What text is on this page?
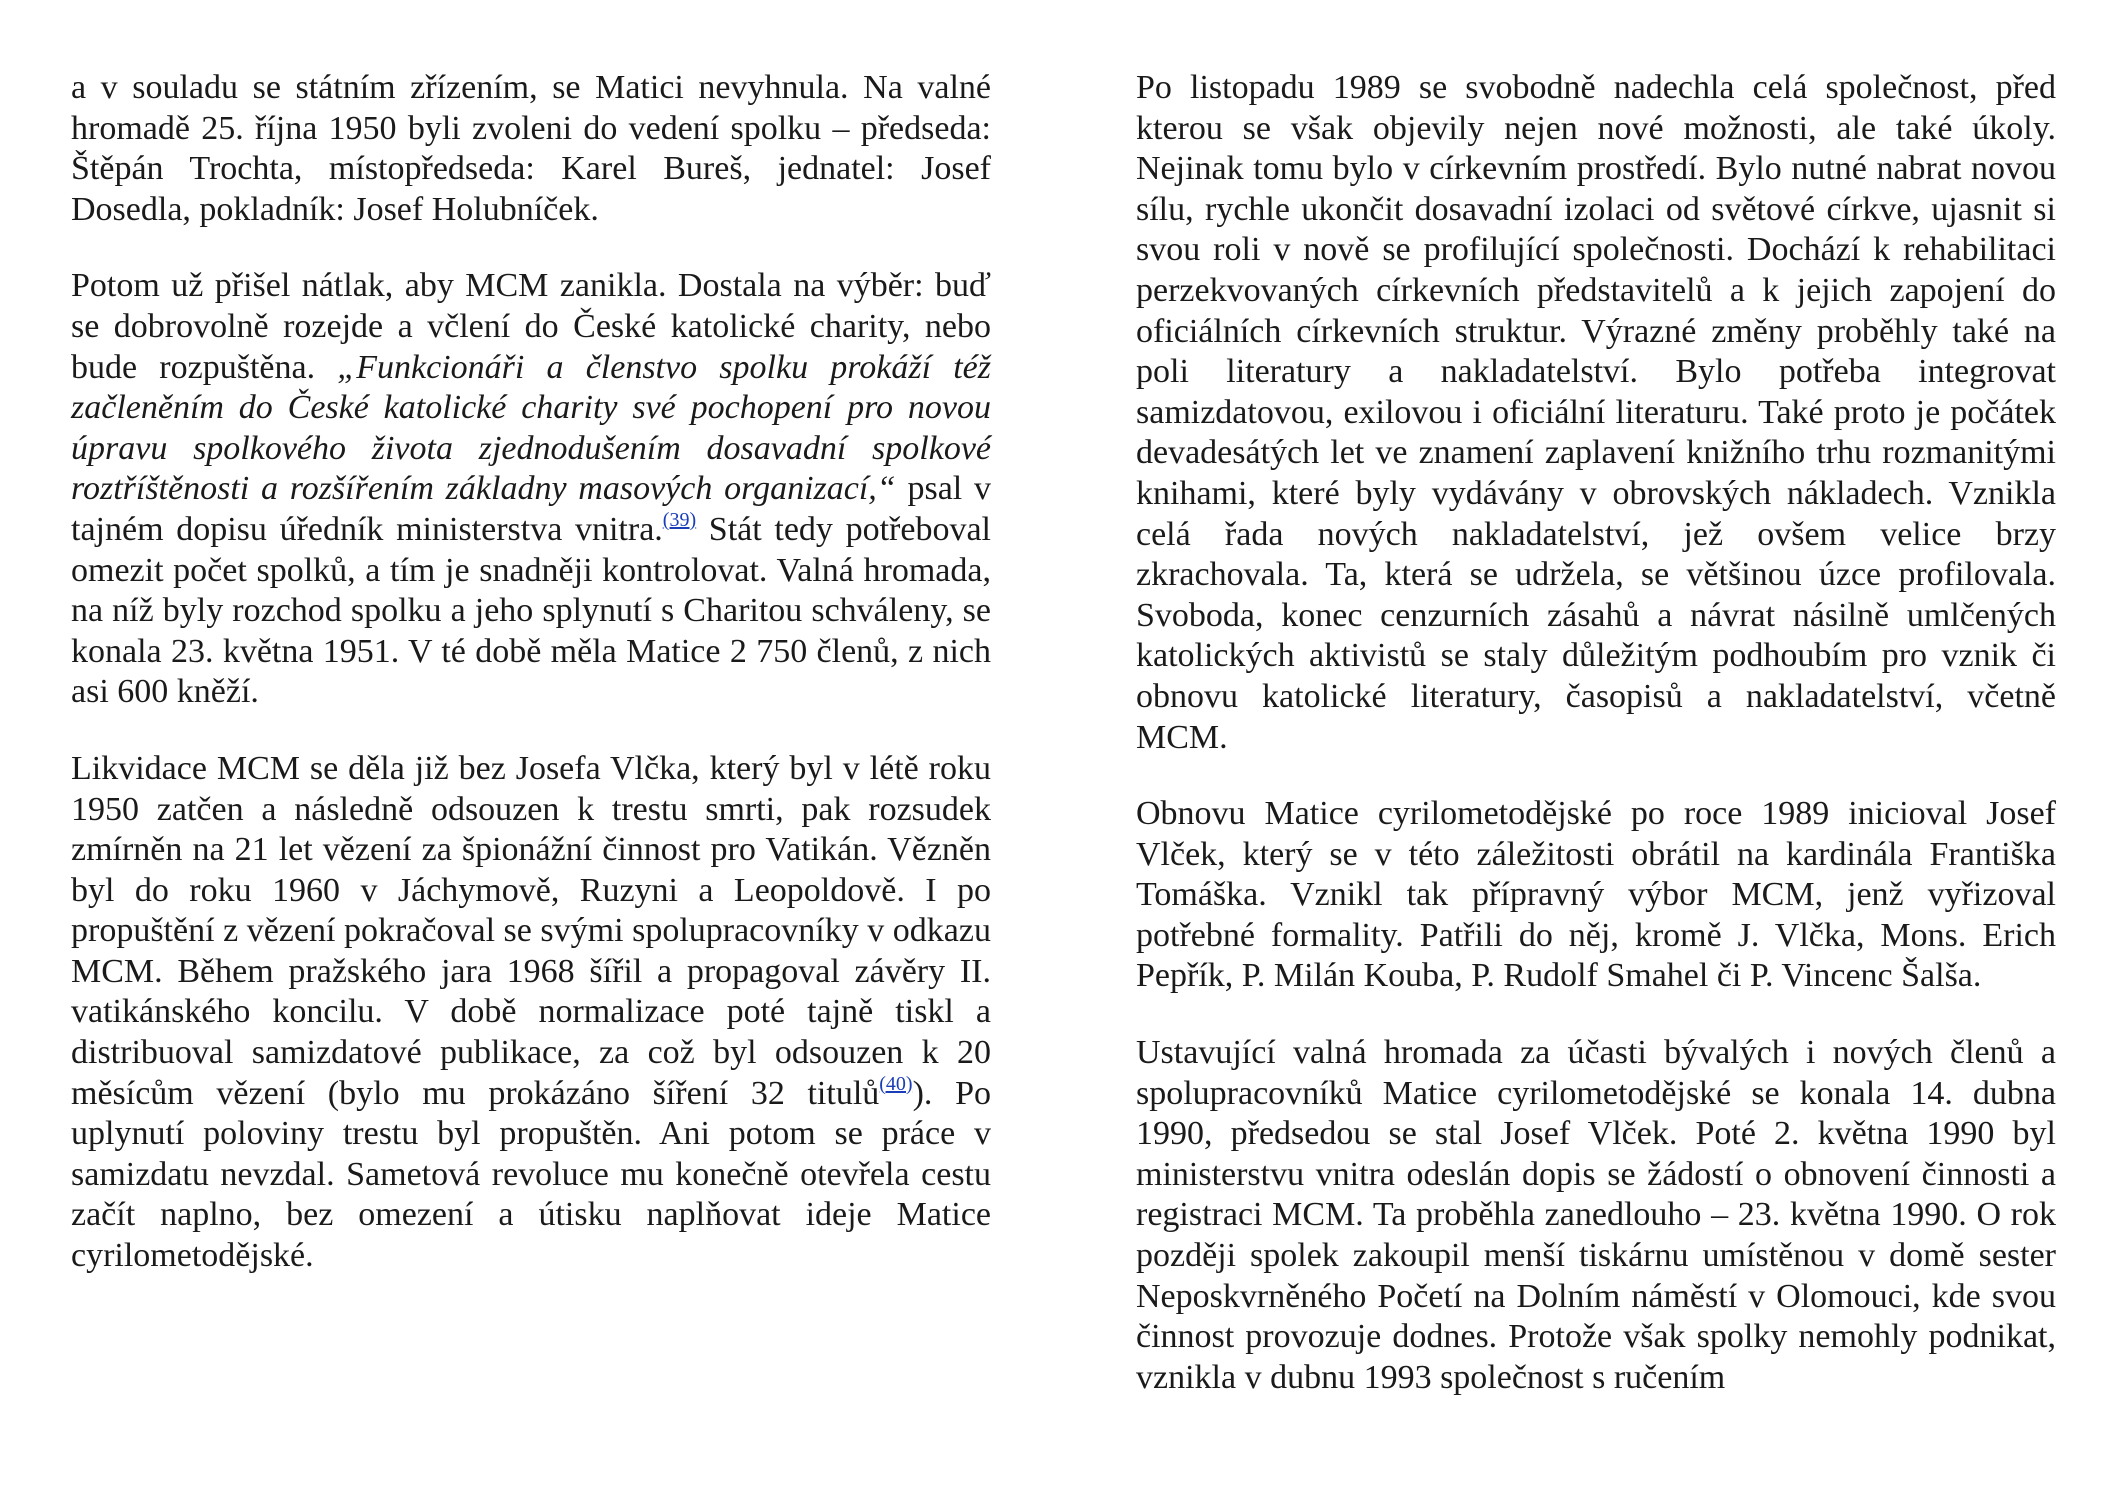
a v souladu se státním zřízením, se Matici nevyhnula. Na valné hromadě 25. října 1950 byli zvoleni do vedení spolku – předseda: Štěpán Trochta, místopředseda: Karel Bureš, jednatel: Josef Dosedla, pokladník: Josef Holubníček.

Potom už přišel nátlak, aby MCM zanikla. Dostala na výběr: buď se dobrovolně rozejde a včlení do České katolické charity, nebo bude rozpuštěna. „Funkcionáři a členstvo spolku prokáží též začleněním do České katolické charity své pochopení pro novou úpravu spolkového života zjednodušením dosavadní spolkové roztříštěnosti a rozšířením základny masových organizací,“ psal v tajném dopisu úředník ministerstva vnitra.$^{(39)}$ Stát tedy potřeboval omezit počet spolků, a tím je snadněji kontrolovat. Valná hromada, na níž byly rozchod spolku a jeho splynutí s Charitou schváleny, se konala 23. května 1951. V té době měla Matice 2 750 členů, z nich asi 600 kněží.

Likvidace MCM se děla již bez Josefa Vlčka, který byl v létě roku 1950 zatčen a následně odsouzen k trestu smrti, pak rozsudek zmírněn na 21 let vězení za špionážní činnost pro Vatikán. Vězněn byl do roku 1960 v Jáchymově, Ruzyni a Leopoldově. I po propuštění z vězení pokračoval se svými spolupracovníky v odkazu MCM. Během pražského jara 1968 šířil a propagoval závěry II. vatikánského koncilu. V době normalizace poté tajně tiskl a distribuoval samizdatové publikace, za což byl odsouzen k 20 měsícům vězení (bylo mu prokázáno šíření 32 titulů$^{(40)}$). Po uplynutí poloviny trestu byl propuštěn. Ani potom se práce v samizdatu nevzdal. Sametová revoluce mu konečně otevřela cestu začít naplno, bez omezení a útisku naplňovat ideje Matice cyrilometodějské.

Po listopadu 1989 se svobodně nadechla celá společnost, před kterou se však objevily nejen nové možnosti, ale také úkoly. Nejinak tomu bylo v církevním prostředí. Bylo nutné nabrat novou sílu, rychle ukončit dosavadní izolaci od světové církve, ujasnit si svou roli v nově se profilující společnosti. Dochází k rehabilitaci perzekvovaných církevních představitelů a k jejich zapojení do oficiálních církevních struktur. Výrazné změny proběhly také na poli literatury a nakladatelství. Bylo potřeba integrovat samizdatovou, exilovou i oficiální literaturu. Také proto je počátek devadesátých let ve znamení zaplavení knižního trhu rozmanitými knihami, které byly vydávány v obrovských nákladech. Vznikla celá řada nových nakladatelství, jež ovšem velice brzy zkrachovala. Ta, která se udržela, se většinou úzce profilovala. Svoboda, konec cenzurních zásahů a návrat násilně umlčených katolických aktivistů se staly důležitým podhoubím pro vznik či obnovu katolické literatury, časopisů a nakladatelství, včetně MCM.

Obnovu Matice cyrilometodějské po roce 1989 inicioval Josef Vlček, který se v této záležitosti obrátil na kardinála Františka Tomáška. Vznikl tak přípravný výbor MCM, jenž vyřizoval potřebné formality. Patřili do něj, kromě J. Vlčka, Mons. Erich Pepřík, P. Milán Kouba, P. Rudolf Smahel či P. Vincenc Šalša.

Ustavující valná hromada za účasti bývalých i nových členů a spolupracovníků Matice cyrilometodějské se konala 14. dubna 1990, předsedou se stal Josef Vlček. Poté 2. května 1990 byl ministerstvu vnitra odeslán dopis se žádostí o obnovení činnosti a registraci MCM. Ta proběhla zanedlouho – 23. května 1990. O rok později spolek zakoupil menší tiskárnu umístěnou v domě sester Neposkvrněného Početí na Dolním náměstí v Olomouci, kde svou činnost provozuje dodnes. Protože však spolky nemohly podnikat, vznikla v dubnu 1993 společnost s ručením
